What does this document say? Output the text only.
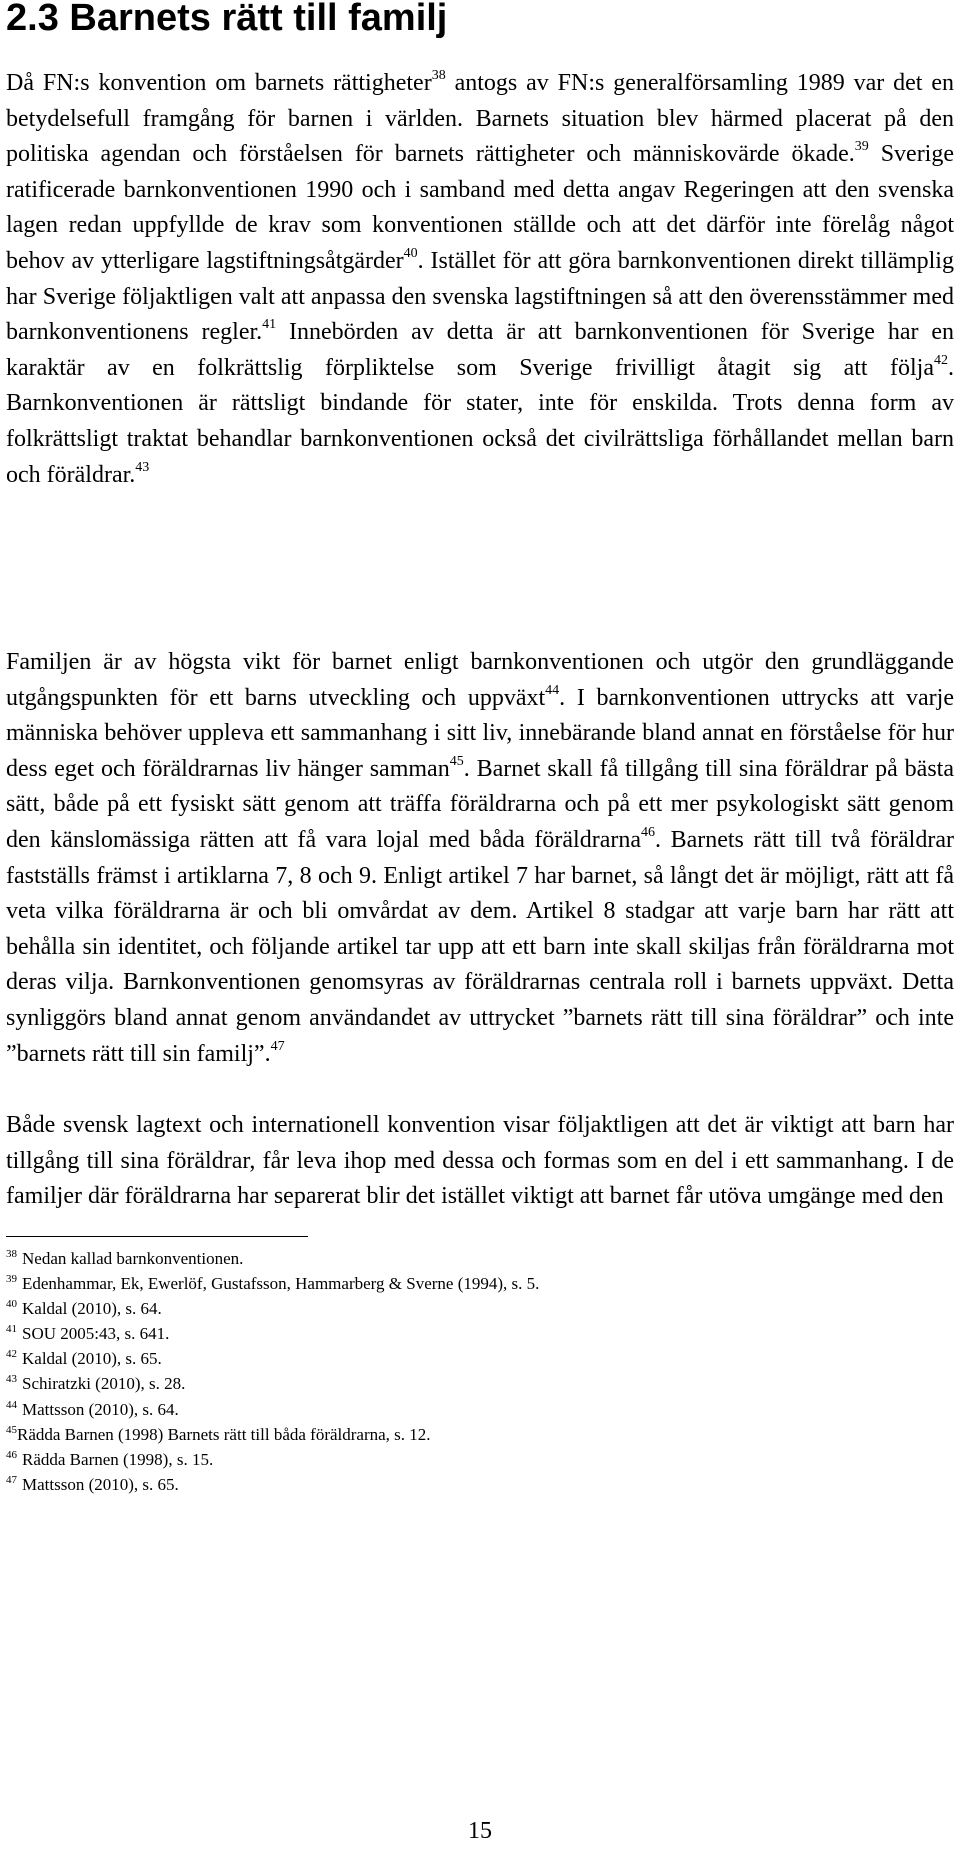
2.3 Barnets rätt till familj

Då FN:s konvention om barnets rättigheter$^{38}$ antogs av FN:s generalförsamling 1989 var det en betydelsefull framgång för barnen i världen. Barnets situation blev härmed placerat på den politiska agendan och förståelsen för barnets rättigheter och människovärde ökade.$^{39}$ Sverige ratificerade barnkonventionen 1990 och i samband med detta angav Regeringen att den svenska lagen redan uppfyllde de krav som konventionen ställde och att det därför inte förelåg något behov av ytterligare lagstiftningsåtgärder$^{40}$. Istället för att göra barnkonventionen direkt tillämplig har Sverige följaktligen valt att anpassa den svenska lagstiftningen så att den överensstämmer med barnkonventionens regler.$^{41}$ Innebörden av detta är att barnkonventionen för Sverige har en karaktär av en folkrättslig förpliktelse som Sverige frivilligt åtagit sig att följa$^{42}$. Barnkonventionen är rättsligt bindande för stater, inte för enskilda. Trots denna form av folkrättsligt traktat behandlar barnkonventionen också det civilrättsliga förhållandet mellan barn och föräldrar.$^{43}$

Familjen är av högsta vikt för barnet enligt barnkonventionen och utgör den grundläggande utgångspunkten för ett barns utveckling och uppväxt$^{44}$. I barnkonventionen uttrycks att varje människa behöver uppleva ett sammanhang i sitt liv, innebärande bland annat en förståelse för hur dess eget och föräldrarnas liv hänger samman$^{45}$. Barnet skall få tillgång till sina föräldrar på bästa sätt, både på ett fysiskt sätt genom att träffa föräldrarna och på ett mer psykologiskt sätt genom den känslomässiga rätten att få vara lojal med båda föräldrarna$^{46}$. Barnets rätt till två föräldrar fastställs främst i artiklarna 7, 8 och 9. Enligt artikel 7 har barnet, så långt det är möjligt, rätt att få veta vilka föräldrarna är och bli omvårdat av dem. Artikel 8 stadgar att varje barn har rätt att behålla sin identitet, och följande artikel tar upp att ett barn inte skall skiljas från föräldrarna mot deras vilja. Barnkonventionen genomsyras av föräldrarnas centrala roll i barnets uppväxt. Detta synliggörs bland annat genom användandet av uttrycket ”barnets rätt till sina föräldrar” och inte ”barnets rätt till sin familj”.$^{47}$

Både svensk lagtext och internationell konvention visar följaktligen att det är viktigt att barn har tillgång till sina föräldrar, får leva ihop med dessa och formas som en del i ett sammanhang. I de familjer där föräldrarna har separerat blir det istället viktigt att barnet får utöva umgänge med den

$^{38}$ Nedan kallad barnkonventionen.
$^{39}$ Edenhammar, Ek, Ewerlöf, Gustafsson, Hammarberg & Sverne (1994), s. 5.
$^{40}$ Kaldal (2010), s. 64.
$^{41}$ SOU 2005:43, s. 641.
$^{42}$ Kaldal (2010), s. 65.
$^{43}$ Schiratzki (2010), s. 28.
$^{44}$ Mattsson (2010), s. 64.
$^{45}$Rädda Barnen (1998) Barnets rätt till båda föräldrarna, s. 12.
$^{46}$ Rädda Barnen (1998), s. 15.
$^{47}$ Mattsson (2010), s. 65.
15
